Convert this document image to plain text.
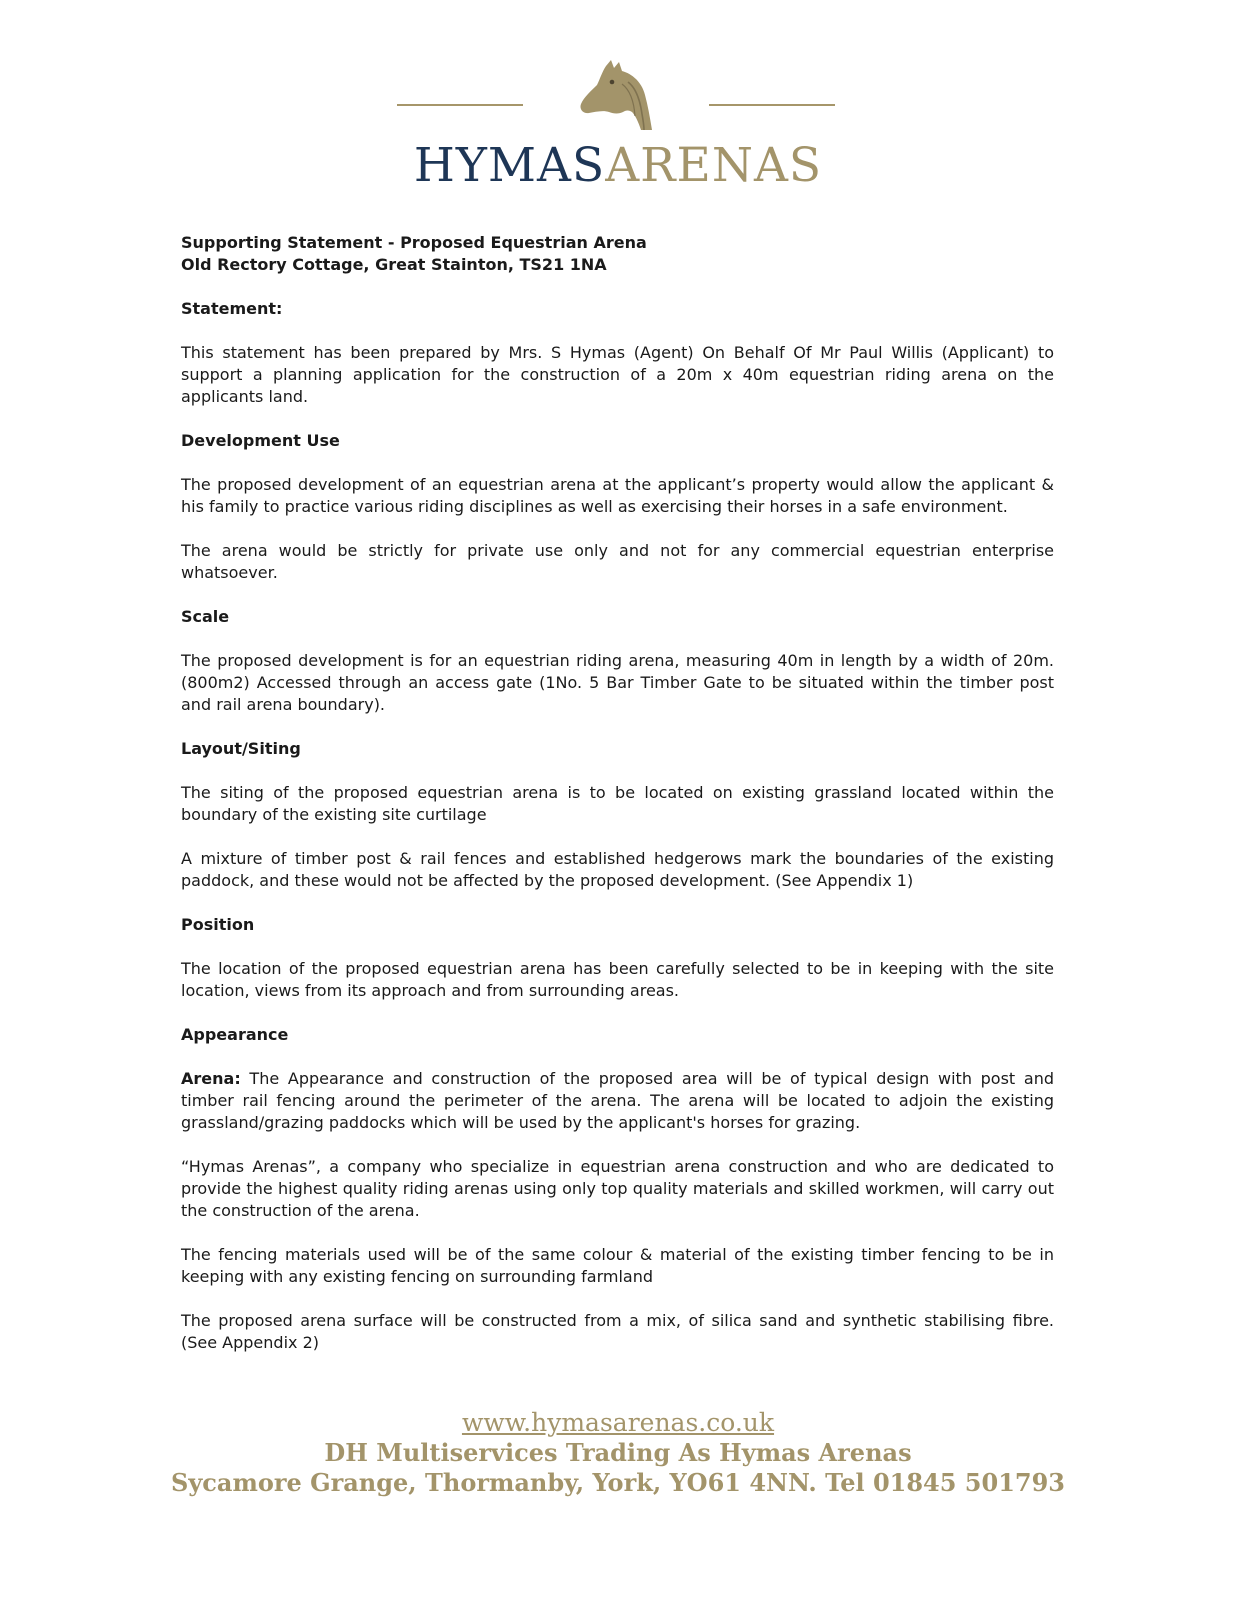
HYMASARENAS
Supporting Statement - Proposed Equestrian Arena
Old Rectory Cottage, Great Stainton, TS21 1NA
Statement:

This statement has been prepared by Mrs. S Hymas (Agent) On Behalf Of Mr Paul Willis (Applicant) to support a planning application for the construction of a 20m x 40m equestrian riding arena on the applicants land.

Development Use

The proposed development of an equestrian arena at the applicant’s property would allow the applicant & his family to practice various riding disciplines as well as exercising their horses in a safe environment.

The arena would be strictly for private use only and not for any commercial equestrian enterprise whatsoever.

Scale

The proposed development is for an equestrian riding arena, measuring 40m in length by a width of 20m. (800m2) Accessed through an access gate (1No. 5 Bar Timber Gate to be situated within the timber post and rail arena boundary).

Layout/Siting

The siting of the proposed equestrian arena is to be located on existing grassland located within the boundary of the existing site curtilage

A mixture of timber post & rail fences and established hedgerows mark the boundaries of the existing paddock, and these would not be affected by the proposed development. (See Appendix 1)

Position

The location of the proposed equestrian arena has been carefully selected to be in keeping with the site location, views from its approach and from surrounding areas.

Appearance

Arena: The Appearance and construction of the proposed area will be of typical design with post and timber rail fencing around the perimeter of the arena. The arena will be located to adjoin the existing grassland/grazing paddocks which will be used by the applicant's horses for grazing.

“Hymas Arenas”, a company who specialize in equestrian arena construction and who are dedicated to provide the highest quality riding arenas using only top quality materials and skilled workmen, will carry out the construction of the arena.

The fencing materials used will be of the same colour & material of the existing timber fencing to be in keeping with any existing fencing on surrounding farmland

The proposed arena surface will be constructed from a mix, of silica sand and synthetic stabilising fibre. (See Appendix 2)

www.hymasarenas.co.uk
DH Multiservices Trading As Hymas Arenas
Sycamore Grange, Thormanby, York, YO61 4NN. Tel 01845 501793
